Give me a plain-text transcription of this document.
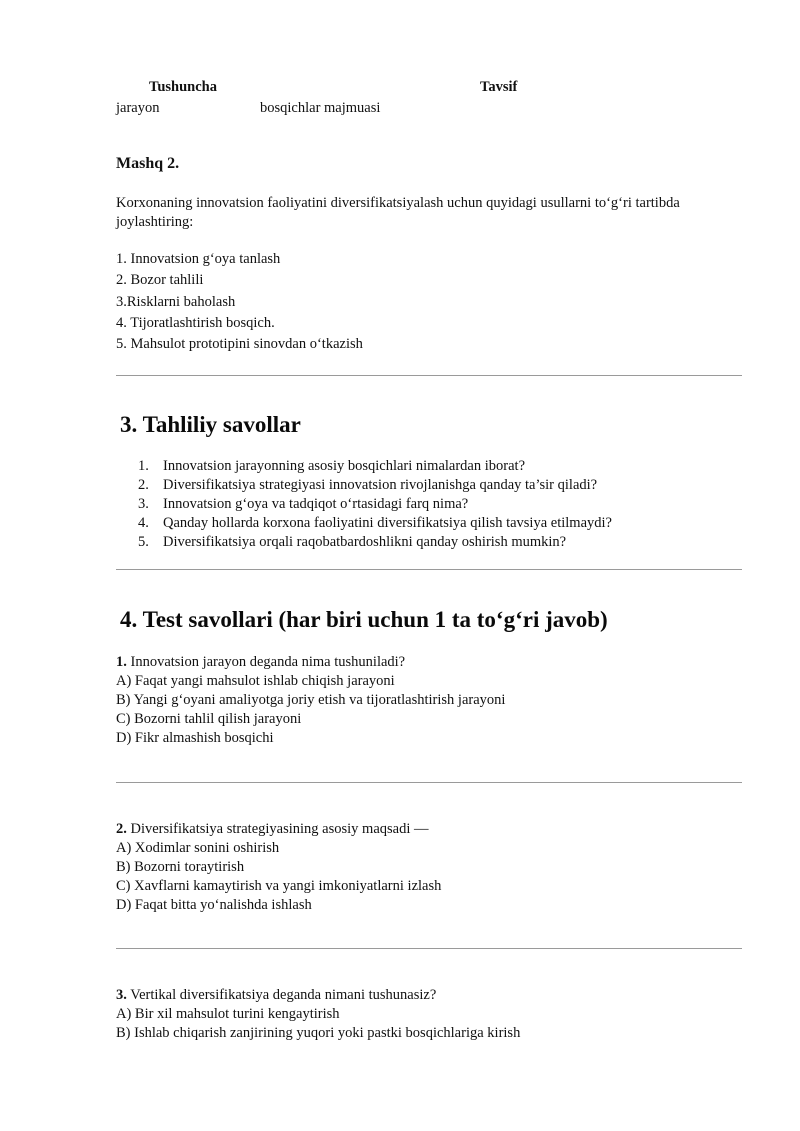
Tushuncha	Tavsif
jarayon	bosqichlar majmuasi
Mashq 2.
Korxonaning innovatsion faoliyatini diversifikatsiyalash uchun quyidagi usullarni to‘g‘ri tartibda
joylashtiring:
1. Innovatsion g‘oya tanlash
2. Bozor tahlili
3.Risklarni baholash
4. Tijoratlashtirish bosqich.
5. Mahsulot prototipini sinovdan o‘tkazish
3. Tahliliy savollar
1. Innovatsion jarayonning asosiy bosqichlari nimalardan iborat?
2. Diversifikatsiya strategiyasi innovatsion rivojlanishga qanday ta’sir qiladi?
3. Innovatsion g‘oya va tadqiqot o‘rtasidagi farq nima?
4. Qanday hollarda korxona faoliyatini diversifikatsiya qilish tavsiya etilmaydi?
5. Diversifikatsiya orqali raqobatbardoshlikni qanday oshirish mumkin?
4. Test savollari (har biri uchun 1 ta to‘g‘ri javob)
1. Innovatsion jarayon deganda nima tushuniladi?
A) Faqat yangi mahsulot ishlab chiqish jarayoni
B) Yangi g‘oyani amaliyotga joriy etish va tijoratlashtirish jarayoni
C) Bozorni tahlil qilish jarayoni
D) Fikr almashish bosqichi
2. Diversifikatsiya strategiyasining asosiy maqsadi —
A) Xodimlar sonini oshirish
B) Bozorni toraytirish
C) Xavflarni kamaytirish va yangi imkoniyatlarni izlash
D) Faqat bitta yo‘nalishda ishlash
3. Vertikal diversifikatsiya deganda nimani tushunasiz?
A) Bir xil mahsulot turini kengaytirish
B) Ishlab chiqarish zanjirining yuqori yoki pastki bosqichlariga kirish
